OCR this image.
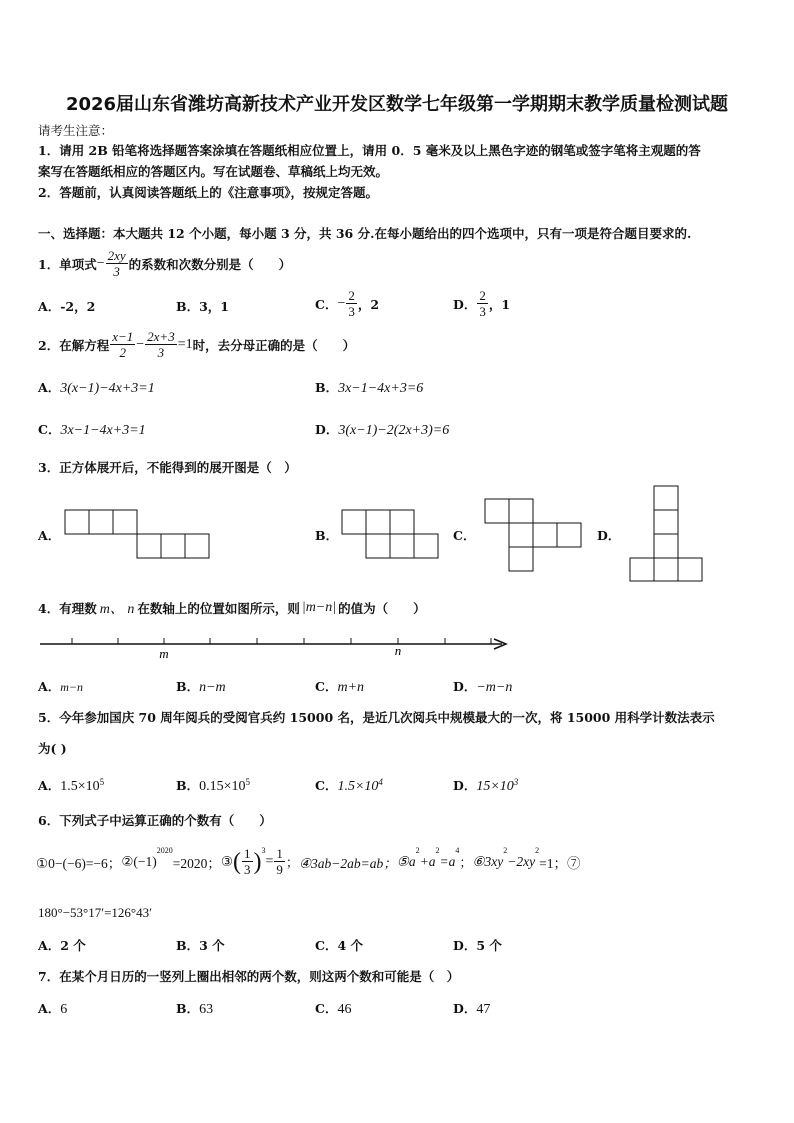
2026届山东省潍坊高新技术产业开发区数学七年级第一学期期末教学质量检测试题
请考生注意：
1．请用 2B 铅笔将选择题答案涂填在答题纸相应位置上，请用 0．5 毫米及以上黑色字迹的钢笔或签字笔将主观题的答
案写在答题纸相应的答题区内。写在试题卷、草稿纸上均无效。
2．答题前，认真阅读答题纸上的《注意事项》，按规定答题。
一、选择题：本大题共 12 个小题，每小题 3 分，共 36 分.在每小题给出的四个选项中，只有一项是符合题目要求的.
1．单项式 − $\frac{2xy}{3}$ 的系数和次数分别是（　　）
A．-2，2	B．3，1	C． − $\frac{2}{3}$ ，2	D． $\frac{2}{3}$ ，1
2．在解方程 $\frac{x-1}{2} - \frac{2x+3}{3} =1$ 时，去分母正确的是（　　）
A．3(x−1)−4x+3=1	B．3x−1−4x+3=6
C．3x−1−4x+3=1	D．3(x−1)−2(2x+3)=6
3．正方体展开后，不能得到的展开图是（　）
A．	B．	C．	D．
4．有理数 m、 n 在数轴上的位置如图所示，则 |m−n| 的值为（　　）
m	n
A．m−n	B．n−m	C．m+n	D．−m−n
5．今年参加国庆 70 周年阅兵的受阅官兵约 15000 名，是近几次阅兵中规模最大的一次，将 15000 用科学计数法表示
为( )
A．$1.5\times 10^5$	B．$0.15\times 10^5$	C．$1.5\times 10^4$	D．$15\times 10^3$
6．下列式子中运算正确的个数有（　　）
①0−(−6)=−6； ②(−1)
$^{2020}$
=2020； ③ ( $\frac{1}{3} )^3$
= $\frac{1}{9}$ ； ④3ab−2ab=ab； ⑤a
$^2$
+a
$^2$
=a
$^4$
； ⑥3xy
$^2$
−2xy
$^2$
=1；⑦
180°−53°17′=126°43′
A．2 个	B．3 个	C．4 个	D．5 个
7．在某个月日历的一竖列上圈出相邻的两个数，则这两个数和可能是（　）
A．6	B．63	C．46	D．47
